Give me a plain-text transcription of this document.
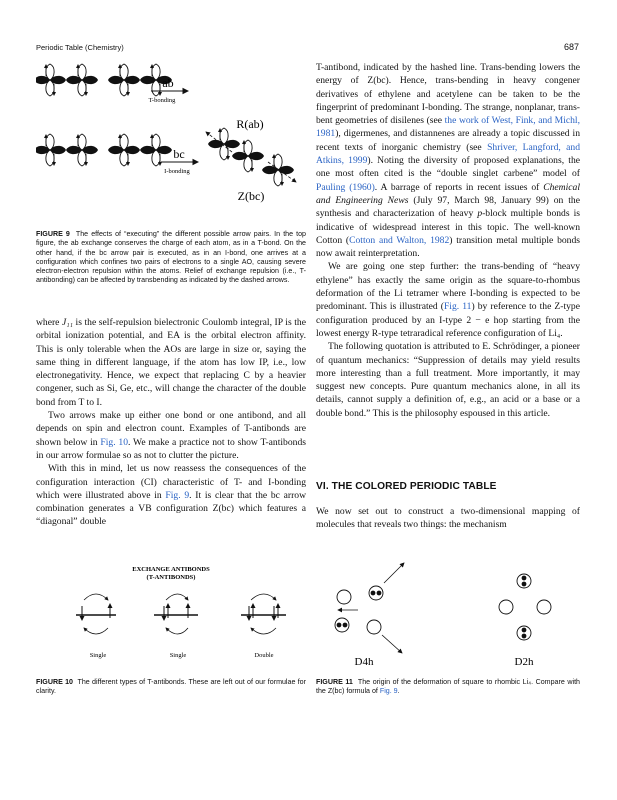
Periodic Table (Chemistry)	687
ab
T-bonding
R(ab)
bc
I-bonding
Z(bc)
FIGURE 9 The effects of “executing” the different possible arrow pairs. In the top figure, the ab exchange conserves the charge of each atom, as in a T-bond. On the other hand, if the bc arrow pair is executed, as in an I-bond, one arrives at a configuration which confines two pairs of electrons to a single AO, causing severe electron-electron repulsion within the atoms. Relief of exchange repulsion (i.e., T-antibonding) can be affected by transbending as indicated by the dashed arrows.

where J₁₁ is the self-repulsion bielectronic Coulomb integral, IP is the orbital ionization potential, and EA is the orbital electron affinity. This is only tolerable when the AOs are large in size or, saying the same thing in different language, if the atom has low IP, i.e., low electronegativity. Hence, we expect that replacing C by a heavier congener, such as Si, Ge, etc., will change the character of the double bond from T to I.

Two arrows make up either one bond or one antibond, and all depends on spin and electron count. Examples of T-antibonds are shown below in Fig. 10. We make a practice not to show T-antibonds in our arrow formulae so as not to clutter the picture.

With this in mind, let us now reassess the consequences of the configuration interaction (CI) characteristic of T- and I-bonding which were illustrated above in Fig. 9. It is clear that the bc arrow combination generates a VB configuration Z(bc) which features a “diagonal” double

EXCHANGE ANTIBONDS
(T-ANTIBONDS)
Single	Single	Double
FIGURE 10 The different types of T-antibonds. These are left out of our formulae for clarity.

T-antibond, indicated by the hashed line. Trans-bending lowers the energy of Z(bc). Hence, trans-bending in heavy congener derivatives of ethylene and acetylene can be taken to be the fingerprint of predominant I-bonding. The strange, nonplanar, trans-bent geometries of disilenes (see the work of West, Fink, and Michl, 1981), digermenes, and distannenes are already a topic discussed in recent texts of inorganic chemistry (see Shriver, Langford, and Atkins, 1999). Noting the diversity of proposed explanations, the one most often cited is the “double singlet carbene” model of Pauling (1960). A barrage of reports in recent issues of Chemical and Engineering News (July 97, March 98, January 99) on the synthesis and characterization of heavy p-block multiple bonds is indicative of widespread interest in this topic. The well-known Cotton (Cotton and Walton, 1982) transition metal multiple bonds now await reinterpretation.

We are going one step further: the trans-bending of “heavy ethylene” has exactly the same origin as the square-to-rhombus deformation of the Li tetramer where I-bonding is expected to be predominant. This is illustrated (Fig. 11) by reference to the Z-type configuration produced by an I-type 2 − e hop starting from the lowest energy R-type tetraradical reference configuration of Li₄.

The following quotation is attributed to E. Schrödinger, a pioneer of quantum mechanics: “Suppression of details may yield results more interesting than a full treatment. More importantly, it may suggest new concepts. Pure quantum mechanics alone, in all its details, cannot supply a definition of, e.g., an acid or a base or a double bond.” This is the philosophy espoused in this article.

VI. THE COLORED PERIODIC TABLE

We now set out to construct a two-dimensional mapping of molecules that reveals two things: the mechanism

D4h	D2h
FIGURE 11 The origin of the deformation of square to rhombic Li₄. Compare with the Z(bc) formula of Fig. 9.
